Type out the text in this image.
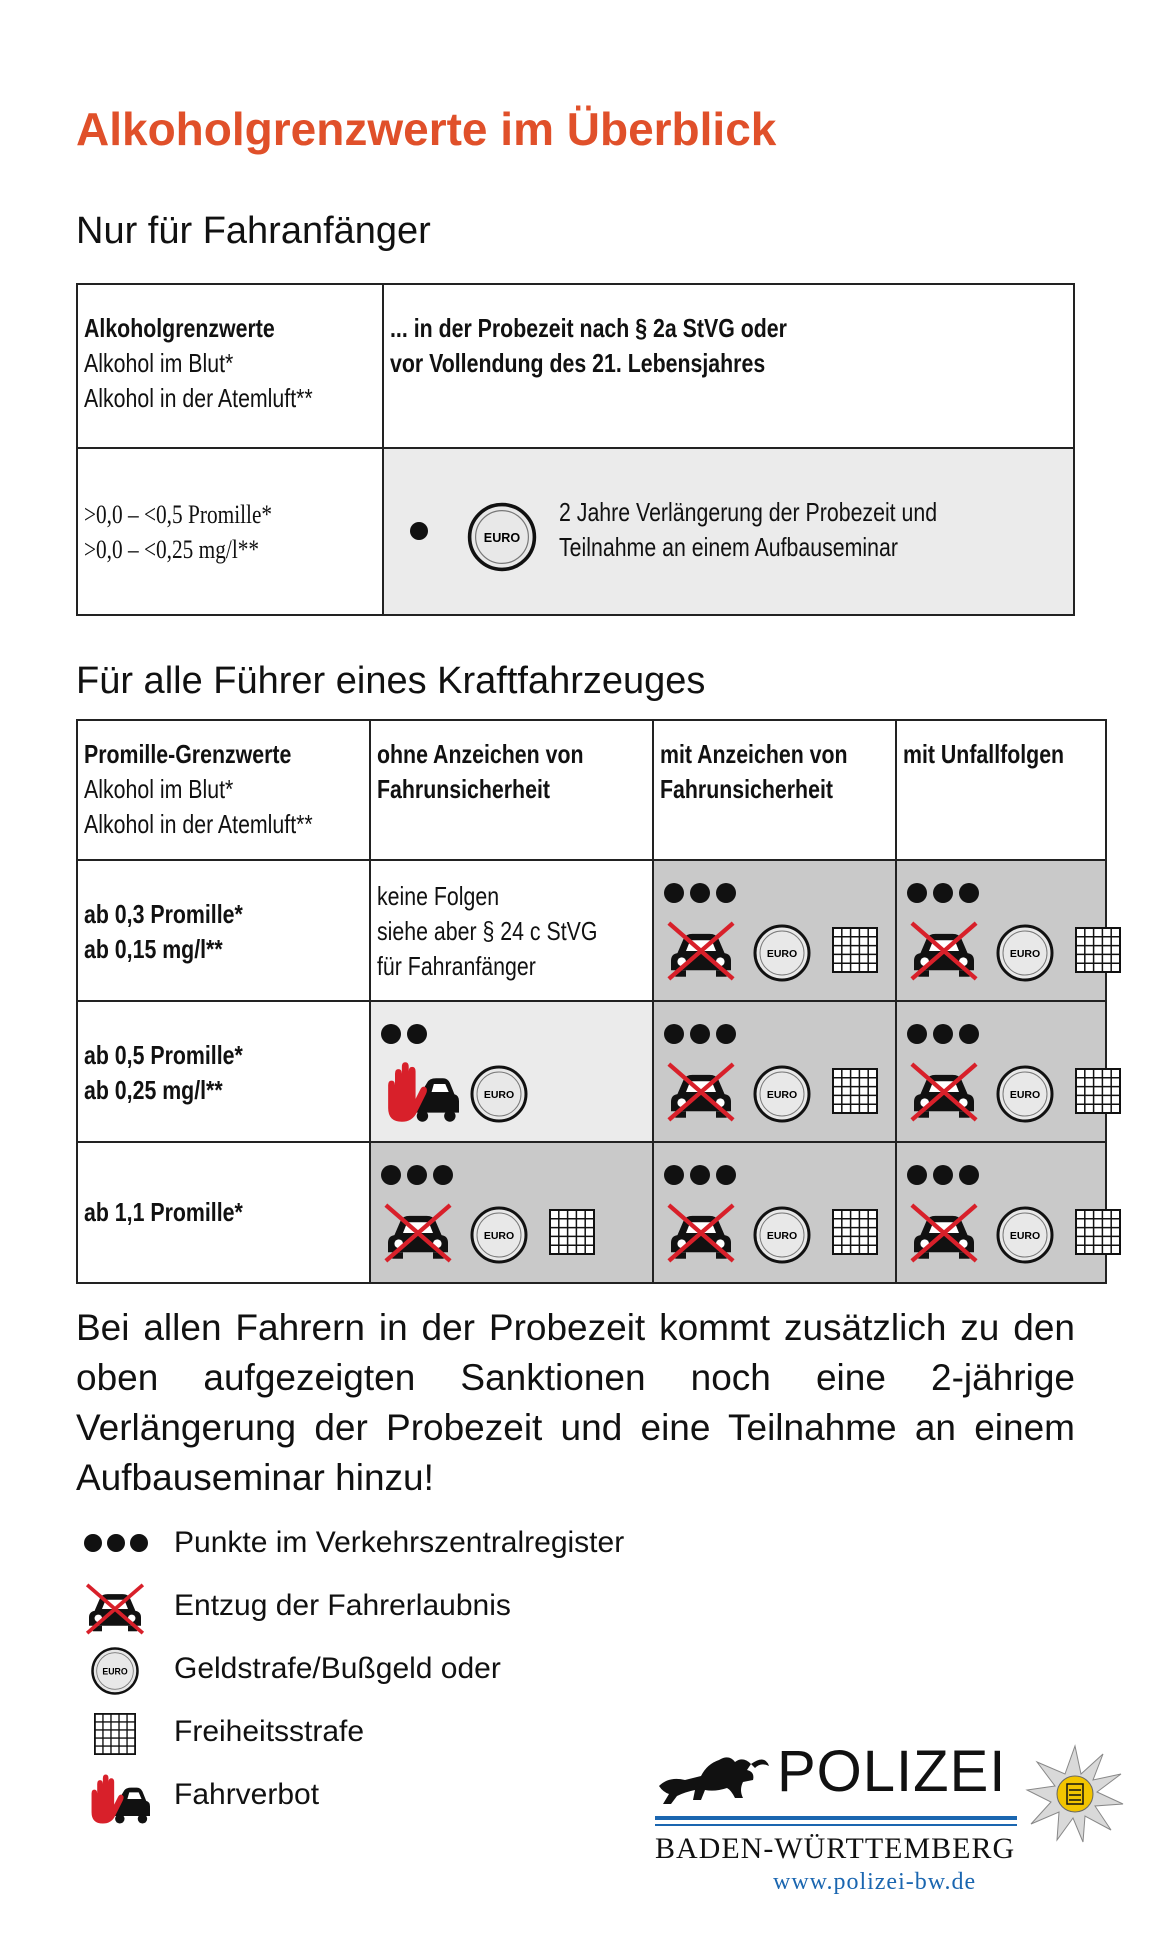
Alkoholgrenzwerte im Überblick
Nur für Fahranfänger
Alkoholgrenzwerte
Alkohol im Blut*
Alkohol in der Atemluft**	... in der Probezeit nach § 2a StVG oder
vor Vollendung des 21. Lebensjahres

>0,0 – <0,5 Promille*
>0,0 – <0,25 mg/l**	EURO
2 Jahre Verlängerung der Probezeit und
Teilnahme an einem Aufbauseminar
Für alle Führer eines Kraftfahrzeuges
Promille-Grenzwerte
Alkohol im Blut*
Alkohol in der Atemluft**	ohne Anzeichen von
Fahrunsicherheit	mit Anzeichen von
Fahrunsicherheit	mit Unfallfolgen

ab 0,3 Promille*
ab 0,15 mg/l**	keine Folgen
siehe aber § 24 c StVG
für Fahranfänger	EURO	EURO

ab 0,5 Promille*
ab 0,25 mg/l**	EURO	EURO	EURO

ab 1,1 Promille*	EURO	EURO	EURO
Bei allen Fahrern in der Probezeit kommt zusätzlich zu den oben aufgezeigten Sanktionen noch eine 2-jährige Verlängerung der Probezeit und eine Teilnahme an einem Aufbauseminar hinzu!
Punkte im Verkehrszentralregister
Entzug der Fahrerlaubnis
EURO Geldstrafe/Bußgeld oder
Freiheitsstrafe
Fahrverbot	POLIZEI
BADEN-WÜRTTEMBERG
www.polizei-bw.de
